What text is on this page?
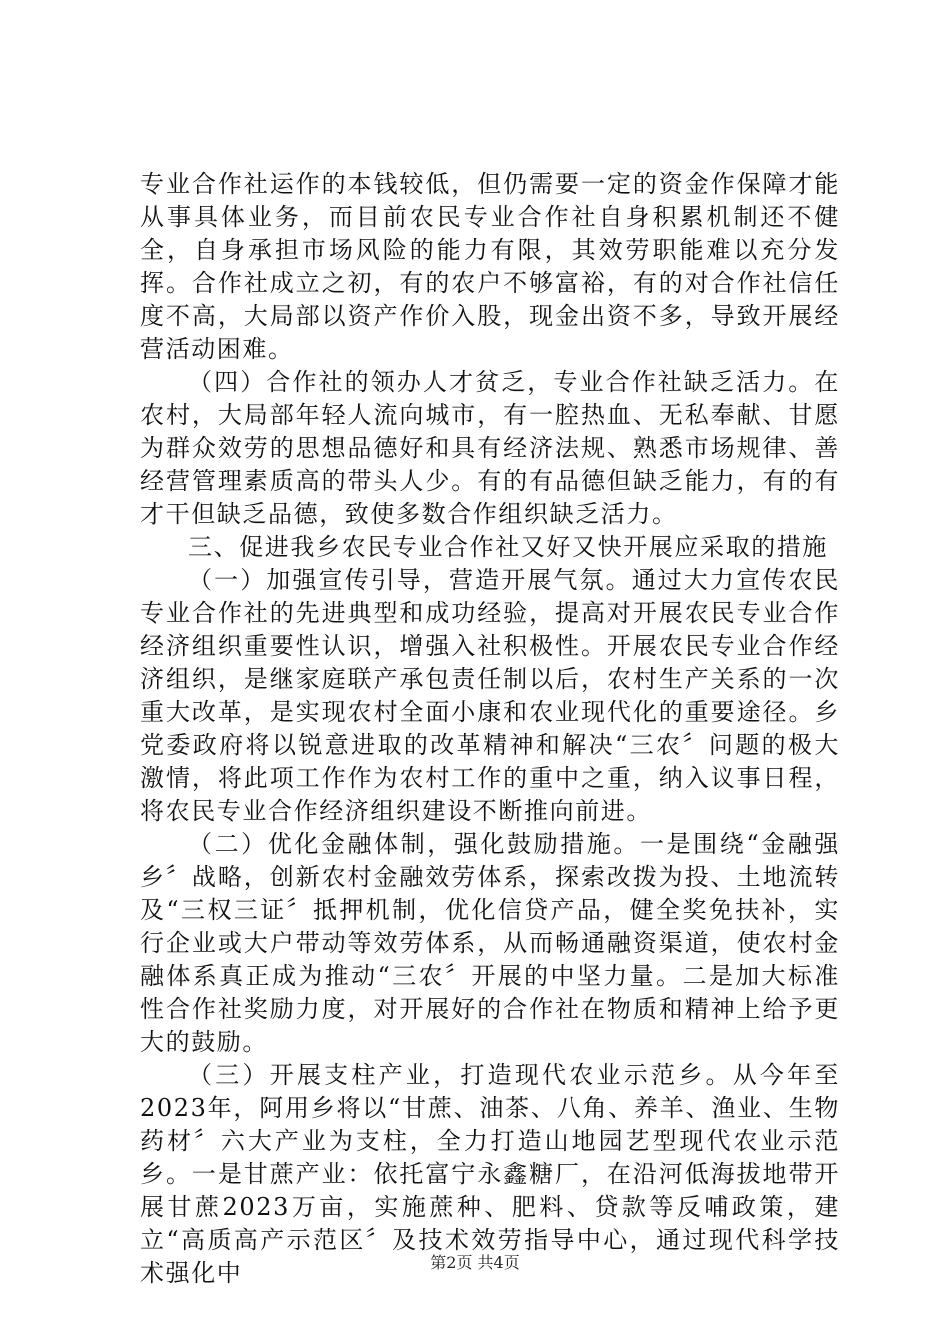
专业合作社运作的本钱较低，但仍需要一定的资金作保障才能从事具体业务，而目前农民专业合作社自身积累机制还不健全，自身承担市场风险的能力有限，其效劳职能难以充分发挥。合作社成立之初，有的农户不够富裕，有的对合作社信任度不高，大局部以资产作价入股，现金出资不多，导致开展经营活动困难。

（四）合作社的领办人才贫乏，专业合作社缺乏活力。在农村，大局部年轻人流向城市，有一腔热血、无私奉献、甘愿为群众效劳的思想品德好和具有经济法规、熟悉市场规律、善经营管理素质高的带头人少。有的有品德但缺乏能力，有的有才干但缺乏品德，致使多数合作组织缺乏活力。

三、促进我乡农民专业合作社又好又快开展应采取的措施

（一）加强宣传引导，营造开展气氛。通过大力宣传农民专业合作社的先进典型和成功经验，提高对开展农民专业合作经济组织重要性认识，增强入社积极性。开展农民专业合作经济组织，是继家庭联产承包责任制以后，农村生产关系的一次重大改革，是实现农村全面小康和农业现代化的重要途径。乡党委政府将以锐意进取的改革精神和解决“三农〞问题的极大激情，将此项工作作为农村工作的重中之重，纳入议事日程，将农民专业合作经济组织建设不断推向前进。

（二）优化金融体制，强化鼓励措施。一是围绕“金融强乡〞战略，创新农村金融效劳体系，探索改拨为投、土地流转及“三权三证〞抵押机制，优化信贷产品，健全奖免扶补，实行企业或大户带动等效劳体系，从而畅通融资渠道，使农村金融体系真正成为推动“三农〞开展的中坚力量。二是加大标准性合作社奖励力度，对开展好的合作社在物质和精神上给予更大的鼓励。

（三）开展支柱产业，打造现代农业示范乡。从今年至2023年，阿用乡将以“甘蔗、油茶、八角、养羊、渔业、生物药材〞六大产业为支柱，全力打造山地园艺型现代农业示范乡。一是甘蔗产业：依托富宁永鑫糖厂，在沿河低海拔地带开展甘蔗2023万亩，实施蔗种、肥料、贷款等反哺政策，建立“高质高产示范区〞及技术效劳指导中心，通过现代科学技术强化中	第2页 共4页
